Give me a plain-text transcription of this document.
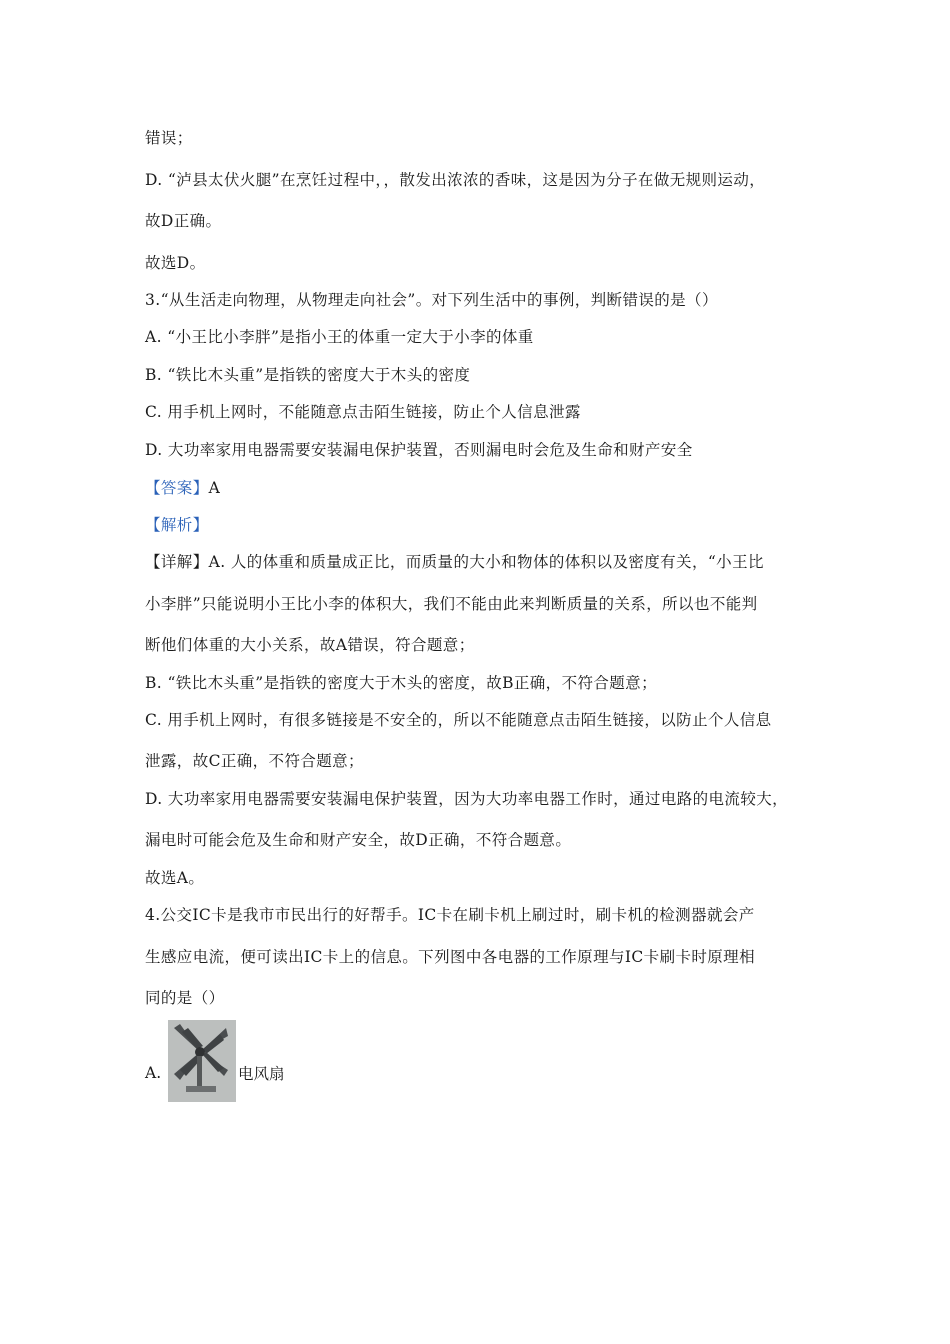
错误；
D. “泸县太伏火腿”在烹饪过程中，，散发出浓浓的香味，这是因为分子在做无规则运动，
故D正确。
故选D。
3.“从生活走向物理，从物理走向社会”。对下列生活中的事例，判断错误的是（）
A. “小王比小李胖”是指小王的体重一定大于小李的体重
B. “铁比木头重”是指铁的密度大于木头的密度
C. 用手机上网时，不能随意点击陌生链接，防止个人信息泄露
D. 大功率家用电器需要安装漏电保护装置，否则漏电时会危及生命和财产安全
【答案】A
【解析】
【详解】A. 人的体重和质量成正比，而质量的大小和物体的体积以及密度有关，“小王比
小李胖”只能说明小王比小李的体积大，我们不能由此来判断质量的关系，所以也不能判
断他们体重的大小关系，故A错误，符合题意；
B. “铁比木头重”是指铁的密度大于木头的密度，故B正确，不符合题意；
C. 用手机上网时，有很多链接是不安全的，所以不能随意点击陌生链接，以防止个人信息
泄露，故C正确，不符合题意；
D. 大功率家用电器需要安装漏电保护装置，因为大功率电器工作时，通过电路的电流较大，
漏电时可能会危及生命和财产安全，故D正确，不符合题意。
故选A。
4.公交IC卡是我市市民出行的好帮手。IC卡在刷卡机上刷过时，刷卡机的检测器就会产
生感应电流，便可读出IC卡上的信息。下列图中各电器的工作原理与IC卡刷卡时原理相
同的是（）
A.	电风扇
